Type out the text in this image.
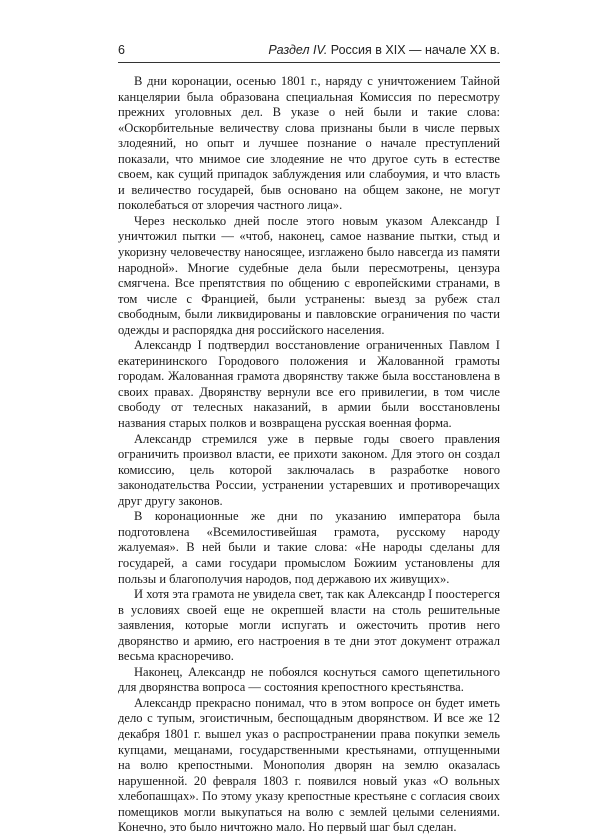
6	Раздел IV. Россия в XIX — начале XX в.

В дни коронации, осенью 1801 г., наряду с уничтожением Тайной канцелярии была образована специальная Комиссия по пересмотру прежних уголовных дел. В указе о ней были и такие слова: «Оскорбительные величеству слова признаны были в числе первых злодеяний, но опыт и лучшее познание о начале преступлений показали, что мнимое сие злодеяние не что другое суть в естестве своем, как сущий припадок заблуждения или слабоумия, и что власть и величество государей, быв основано на общем законе, не могут поколебаться от злоречия частного лица».

Через несколько дней после этого новым указом Александр I уничтожил пытки — «чтоб, наконец, самое название пытки, стыд и укоризну человечеству наносящее, изглажено было навсегда из памяти народной». Многие судебные дела были пересмотрены, цензура смягчена. Все препятствия по общению с европейскими странами, в том числе с Францией, были устранены: выезд за рубеж стал свободным, были ликвидированы и павловские ограничения по части одежды и распорядка дня российского населения.

Александр I подтвердил восстановление ограниченных Павлом I екатерининского Городового положения и Жалованной грамоты городам. Жалованная грамота дворянству также была восстановлена в своих правах. Дворянству вернули все его привилегии, в том числе свободу от телесных наказаний, в армии были восстановлены названия старых полков и возвращена русская военная форма.

Александр стремился уже в первые годы своего правления ограничить произвол власти, ее прихоти законом. Для этого он создал комиссию, цель которой заключалась в разработке нового законодательства России, устранении устаревших и противоречащих друг другу законов.

В коронационные же дни по указанию императора была подготовлена «Всемилостивейшая грамота, русскому народу жалуемая». В ней были и такие слова: «Не народы сделаны для государей, а сами государи промыслом Божиим установлены для пользы и благополучия народов, под державою их живущих».

И хотя эта грамота не увидела свет, так как Александр I поостерегся в условиях своей еще не окрепшей власти на столь решительные заявления, которые могли испугать и ожесточить против него дворянство и армию, его настроения в те дни этот документ отражал весьма красноречиво.

Наконец, Александр не побоялся коснуться самого щепетильного для дворянства вопроса — состояния крепостного крестьянства.

Александр прекрасно понимал, что в этом вопросе он будет иметь дело с тупым, эгоистичным, беспощадным дворянством. И все же 12 декабря 1801 г. вышел указ о распространении права покупки земель купцами, мещанами, государственными крестьянами, отпущенными на волю крепостными. Монополия дворян на землю оказалась нарушенной. 20 февраля 1803 г. появился новый указ «О вольных хлебопашцах». По этому указу крепостные крестьяне с согласия своих помещиков могли выкупаться на волю с землей целыми селениями. Конечно, это было ничтожно мало. Но первый шаг был сделан.
